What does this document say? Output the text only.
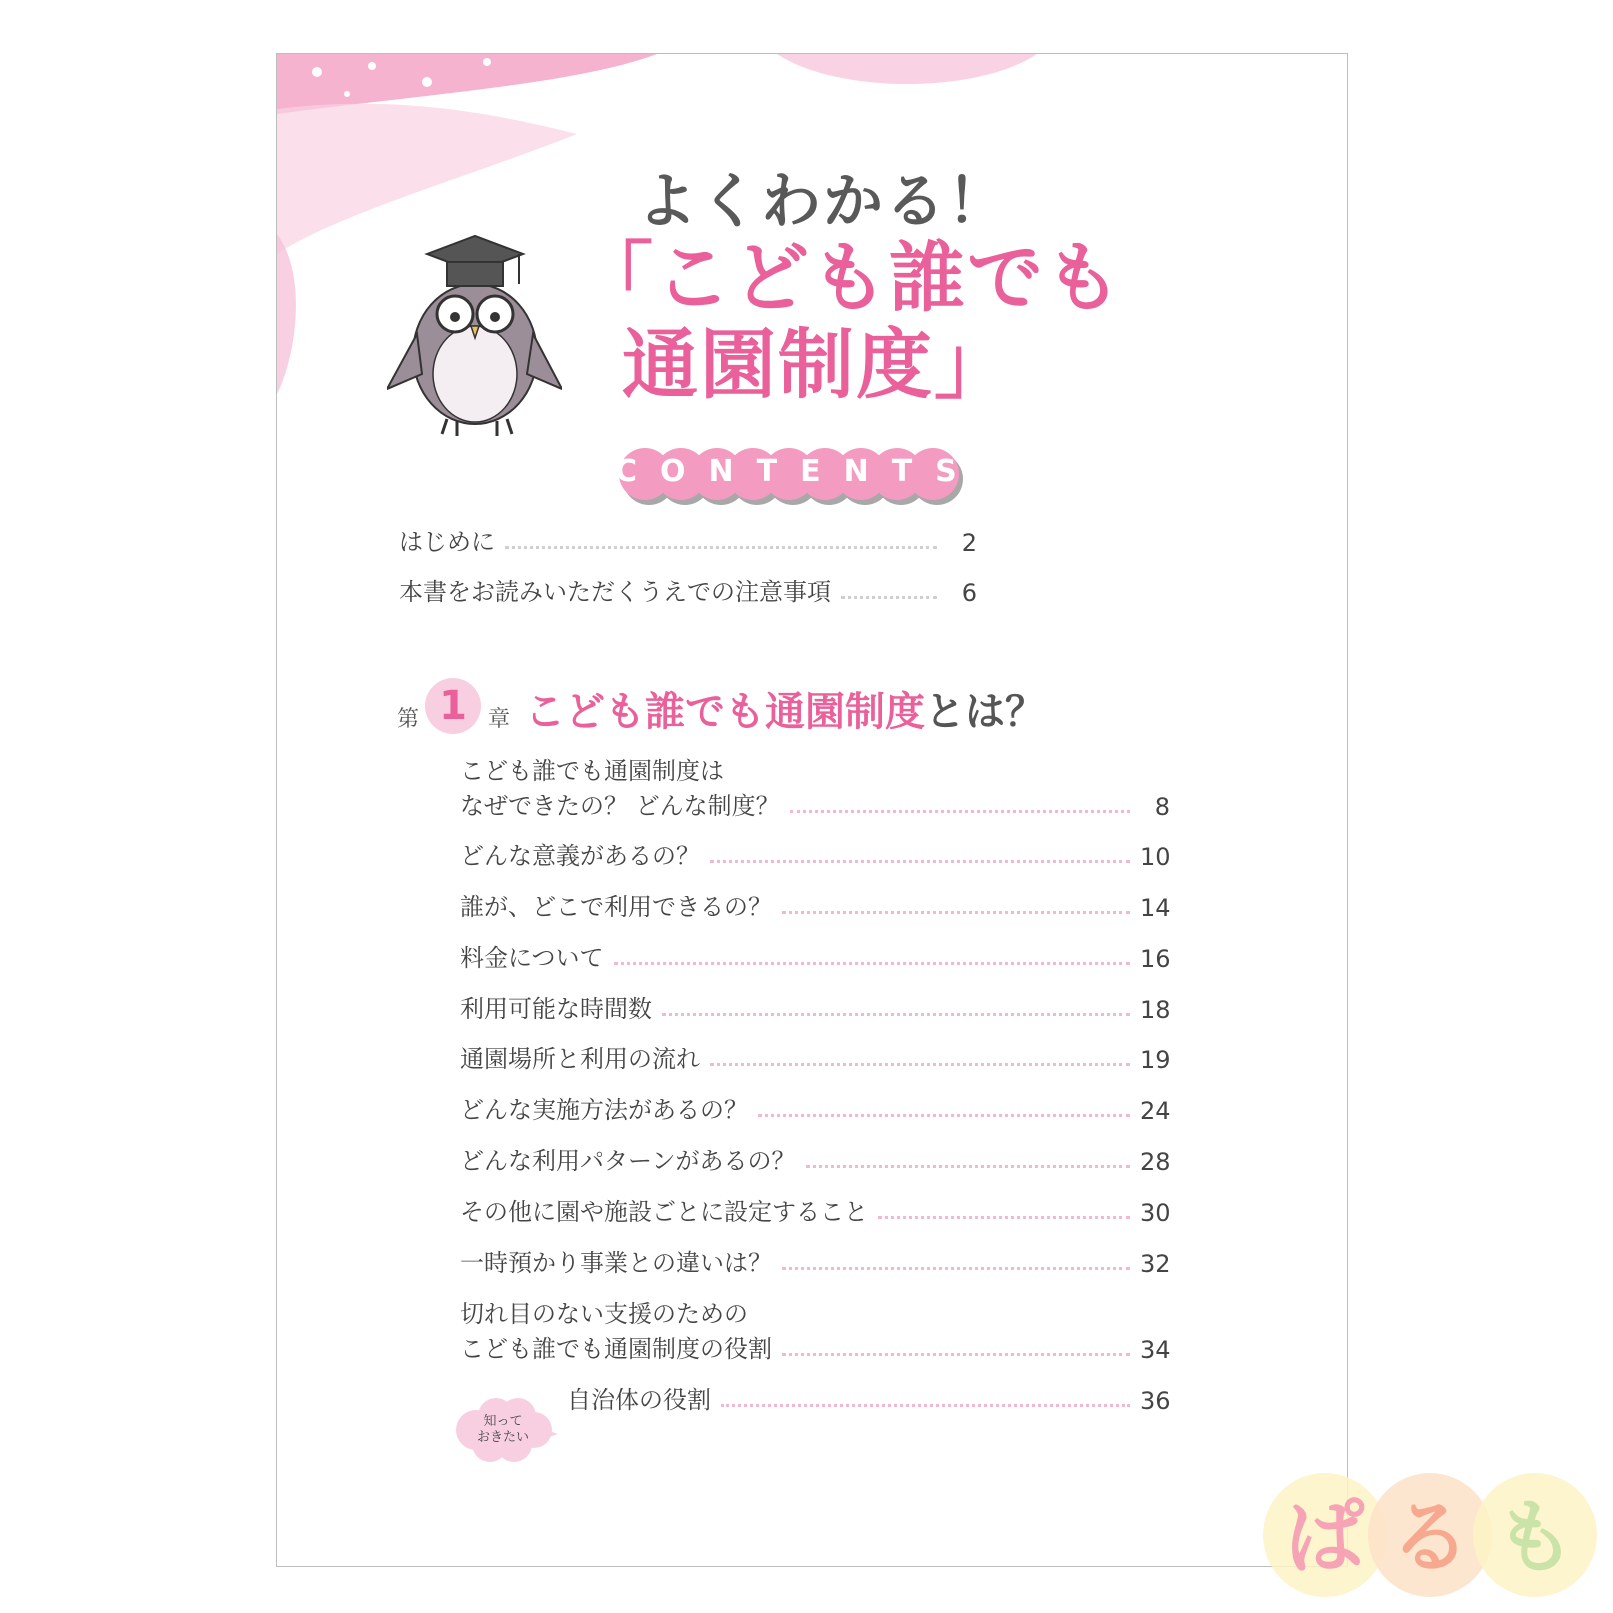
よくわかる！
「こども誰でも
通園制度」
CONTENTS
はじめに	2
本書をお読みいただくうえでの注意事項	6
第 1 章 こども誰でも通園制度とは？
こども誰でも通園制度は
なぜできたの？ どんな制度？	8
どんな意義があるの？	10
誰が、どこで利用できるの？	14
料金について	16
利用可能な時間数	18
通園場所と利用の流れ	19
どんな実施方法があるの？	24
どんな利用パターンがあるの？	28
その他に園や施設ごとに設定すること	30
一時預かり事業との違いは？	32
切れ目のない支援のための
こども誰でも通園制度の役割	34
知って
おきたい
自治体の役割	36
ぱ る も
